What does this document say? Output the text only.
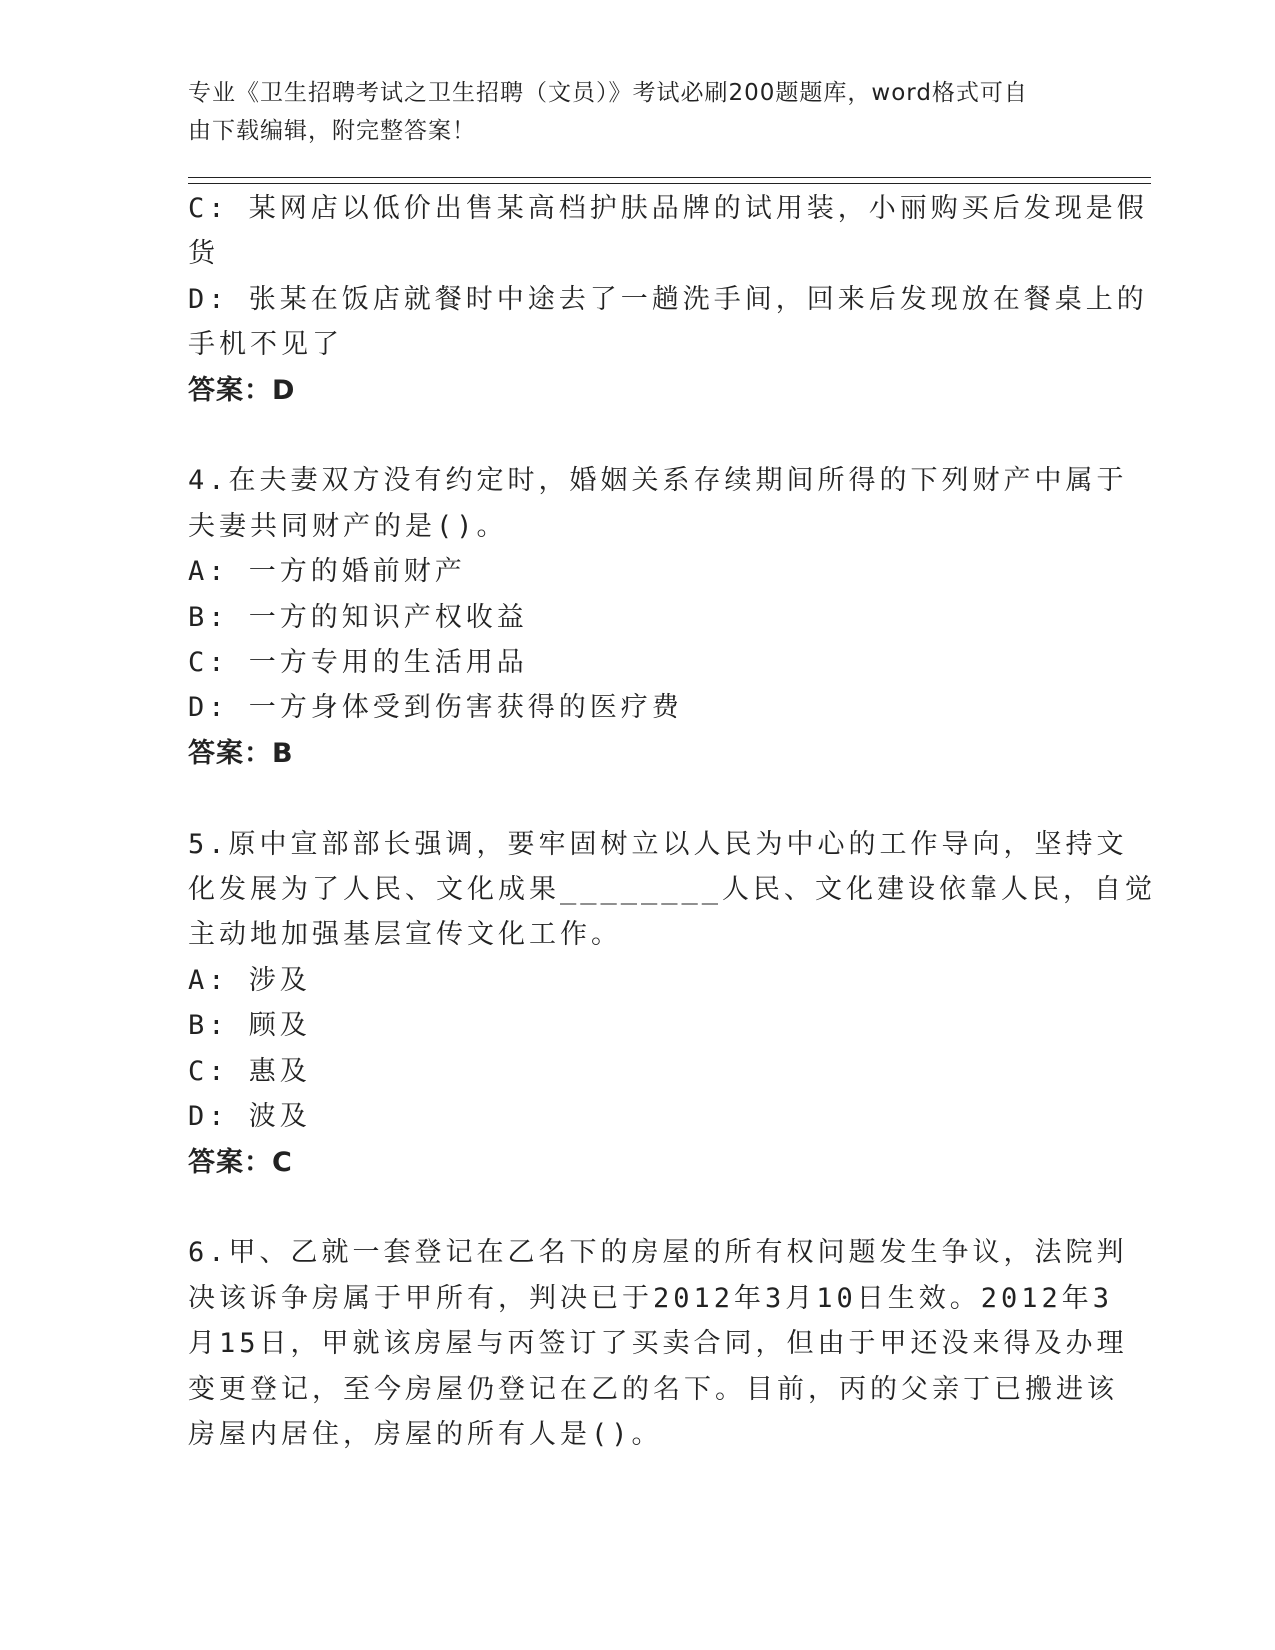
专业《卫生招聘考试之卫生招聘（文员）》考试必刷200题题库，word格式可自

由下载编辑，附完整答案！

C: 某网店以低价出售某高档护肤品牌的试用装，小丽购买后发现是假

货

D: 张某在饭店就餐时中途去了一趟洗手间，回来后发现放在餐桌上的

手机不见了

答案：D

4.在夫妻双方没有约定时，婚姻关系存续期间所得的下列财产中属于

夫妻共同财产的是()。

A: 一方的婚前财产

B: 一方的知识产权收益

C: 一方专用的生活用品

D: 一方身体受到伤害获得的医疗费

答案：B

5.原中宣部部长强调，要牢固树立以人民为中心的工作导向，坚持文

化发展为了人民、文化成果________人民、文化建设依靠人民，自觉

主动地加强基层宣传文化工作。

A: 涉及

B: 顾及

C: 惠及

D: 波及

答案：C

6.甲、乙就一套登记在乙名下的房屋的所有权问题发生争议，法院判

决该诉争房属于甲所有，判决已于2012年3月10日生效。2012年3

月15日，甲就该房屋与丙签订了买卖合同，但由于甲还没来得及办理

变更登记，至今房屋仍登记在乙的名下。目前，丙的父亲丁已搬进该

房屋内居住，房屋的所有人是()。
